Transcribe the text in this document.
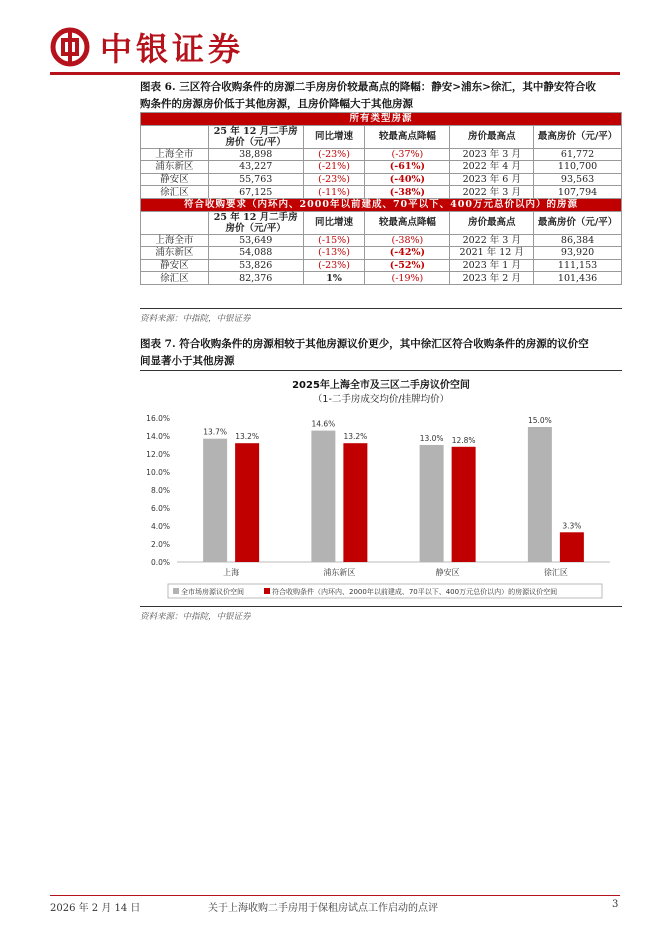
中银证券
图表 6. 三区符合收购条件的房源二手房房价较最高点的降幅：静安>浦东>徐汇，其中静安符合收
购条件的房源房价低于其他房源，且房价降幅大于其他房源
所有类型房源					

	25 年 12 月二手房
房价（元/平）	同比增速	较最高点降幅	房价最高点	最高房价（元/平）
上海全市	38,898	(-23%)	(-37%)	2023 年 3 月	61,772
浦东新区	43,227	(-21%)	(-61%)	2022 年 4 月	110,700
静安区	55,763	(-23%)	(-40%)	2023 年 6 月	93,563
徐汇区	67,125	(-11%)	(-38%)	2022 年 3 月	107,794
符合收购要求（内环内、2000年以前建成、70平以下、400万元总价以内）的房源					

	25 年 12 月二手房
房价（元/平）	同比增速	较最高点降幅	房价最高点	最高房价（元/平）
上海全市	53,649	(-15%)	(-38%)	2022 年 3 月	86,384
浦东新区	54,088	(-13%)	(-42%)	2021 年 12 月	93,920
静安区	53,826	(-23%)	(-52%)	2023 年 1 月	111,153
徐汇区	82,376	1%	(-19%)	2023 年 2 月	101,436
资料来源：中指院，中银证券
图表 7. 符合收购条件的房源相较于其他房源议价更少，其中徐汇区符合收购条件的房源的议价空
间显著小于其他房源
2025年上海全市及三区二手房议价空间
（1-二手房成交均价/挂牌均价）
0.0%
2.0%
4.0%
6.0%
8.0%
10.0%
12.0%
14.0%
16.0%
13.7% 13.2%
上海
14.6%
13.2%
浦东新区
13.0% 12.8%
静安区
15.0%
3.3%
徐汇区
全市场房源议价空间	符合收购条件（内环内、2000年以前建成、70平以下、400万元总价以内）的房源议价空间
资料来源：中指院，中银证券
2026 年 2 月 14 日	关于上海收购二手房用于保租房试点工作启动的点评	3
